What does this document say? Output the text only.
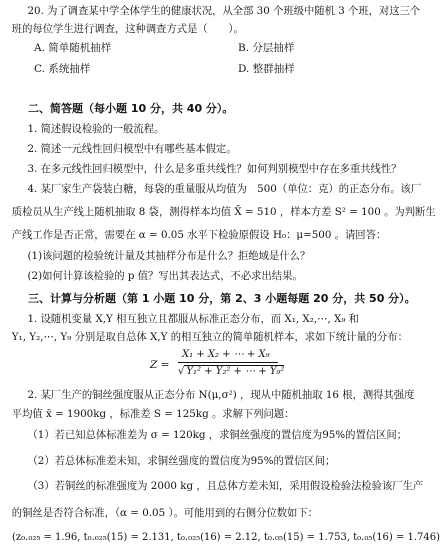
20. 为了调查某中学全体学生的健康状况，从全部 30 个班级中随机 3 个班，对这三个
班的每位学生进行调查，这种调查方式是（　　）。
A. 简单随机抽样	B. 分层抽样
C. 系统抽样	D. 整群抽样
二、简答题（每小题 10 分，共 40 分）。
1. 简述假设检验的一般流程。
2. 简述一元线性回归模型中有哪些基本假定。
3. 在多元线性回归模型中，什么是多重共线性？如何判别模型中存在多重共线性？
4. 某厂家生产袋装白糖，每袋的重量服从均值为　500（单位：克）的正态分布。该厂
质检员从生产线上随机抽取 8 袋，测得样本均值 X̄ = 510 ，样本方差 S² = 100 。为判断生
产线工作是否正常，需要在 α = 0.05 水平下检验原假设 H₀：μ=500 。请回答：
(1)该问题的检验统计量及其抽样分布是什么？拒绝域是什么？
(2)如何计算该检验的 p 值？写出其表达式，不必求出结果。
三、计算与分析题（第 1 小题 10 分，第 2、3 小题每题 20 分，共 50 分）。
1. 设随机变量 X,Y 相互独立且都服从标准正态分布，而 X₁, X₂,⋯, X₉ 和
Y₁, Y₂,⋯, Y₉ 分别是取自总体 X,Y 的相互独立的简单随机样本，求如下统计量的分布：
Z =
X₁ + X₂ + ⋯ + X₉
√ Y₁² + Y₂² + ⋯ + Y₉²
2. 某厂生产的铜丝强度服从正态分布 N(μ,σ²) ，现从中随机抽取 16 根，测得其强度
平均值 x̄ = 1900kg ，标准差 S = 125kg 。求解下列问题：
（1）若已知总体标准差为 σ = 120kg ，求铜丝强度的置信度为95%的置信区间；
（2）若总体标准差未知，求铜丝强度的置信度为95%的置信区间；
（3）若铜丝的标准强度为 2000 kg ，且总体方差未知，采用假设检验法检验该厂生产
的铜丝是否符合标准，（α = 0.05 ）。可能用到的右侧分位数如下：
(z₀.₀₂₅ = 1.96, t₀.₀₂₅(15) = 2.131, t₀.₀₂₅(16) = 2.12, t₀.₀₅(15) = 1.753, t₀.₀₅(16) = 1.746)
